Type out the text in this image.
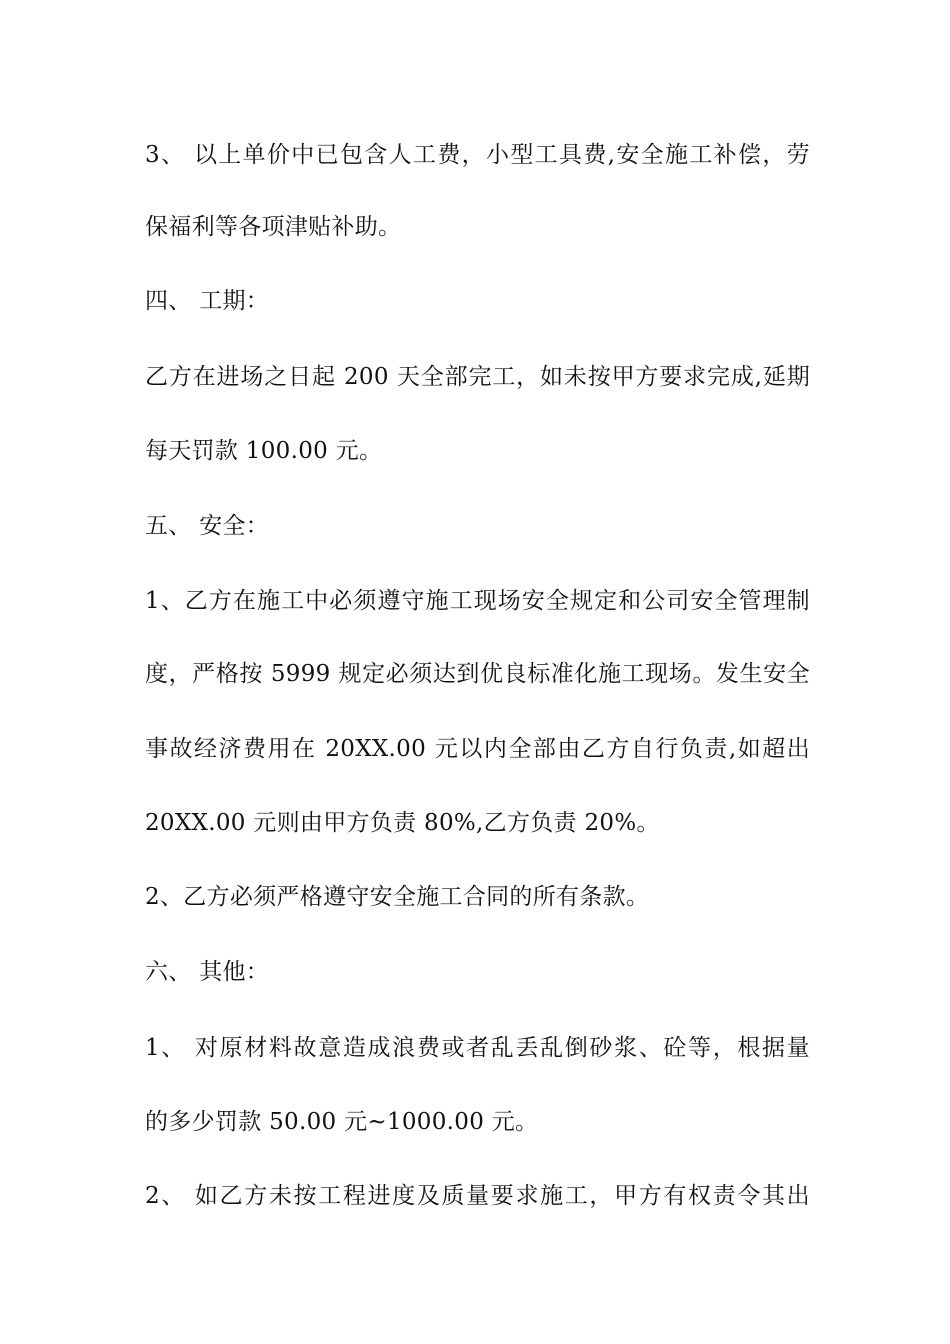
3、 以上单价中已包含人工费，小型工具费,安全施工补偿，劳
保福利等各项津贴补助。
四、 工期：
乙方在进场之日起 200 天全部完工，如未按甲方要求完成,延期
每天罚款 100.00 元。
五、 安全：
1、乙方在施工中必须遵守施工现场安全规定和公司安全管理制
度，严格按 5999 规定必须达到优良标准化施工现场。发生安全
事故经济费用在 20XX.00 元以内全部由乙方自行负责,如超出
20XX.00 元则由甲方负责 80%,乙方负责 20%。
2、乙方必须严格遵守安全施工合同的所有条款。
六、 其他：
1、 对原材料故意造成浪费或者乱丢乱倒砂浆、砼等，根据量
的多少罚款 50.00 元~1000.00 元。
2、 如乙方未按工程进度及质量要求施工，甲方有权责令其出
